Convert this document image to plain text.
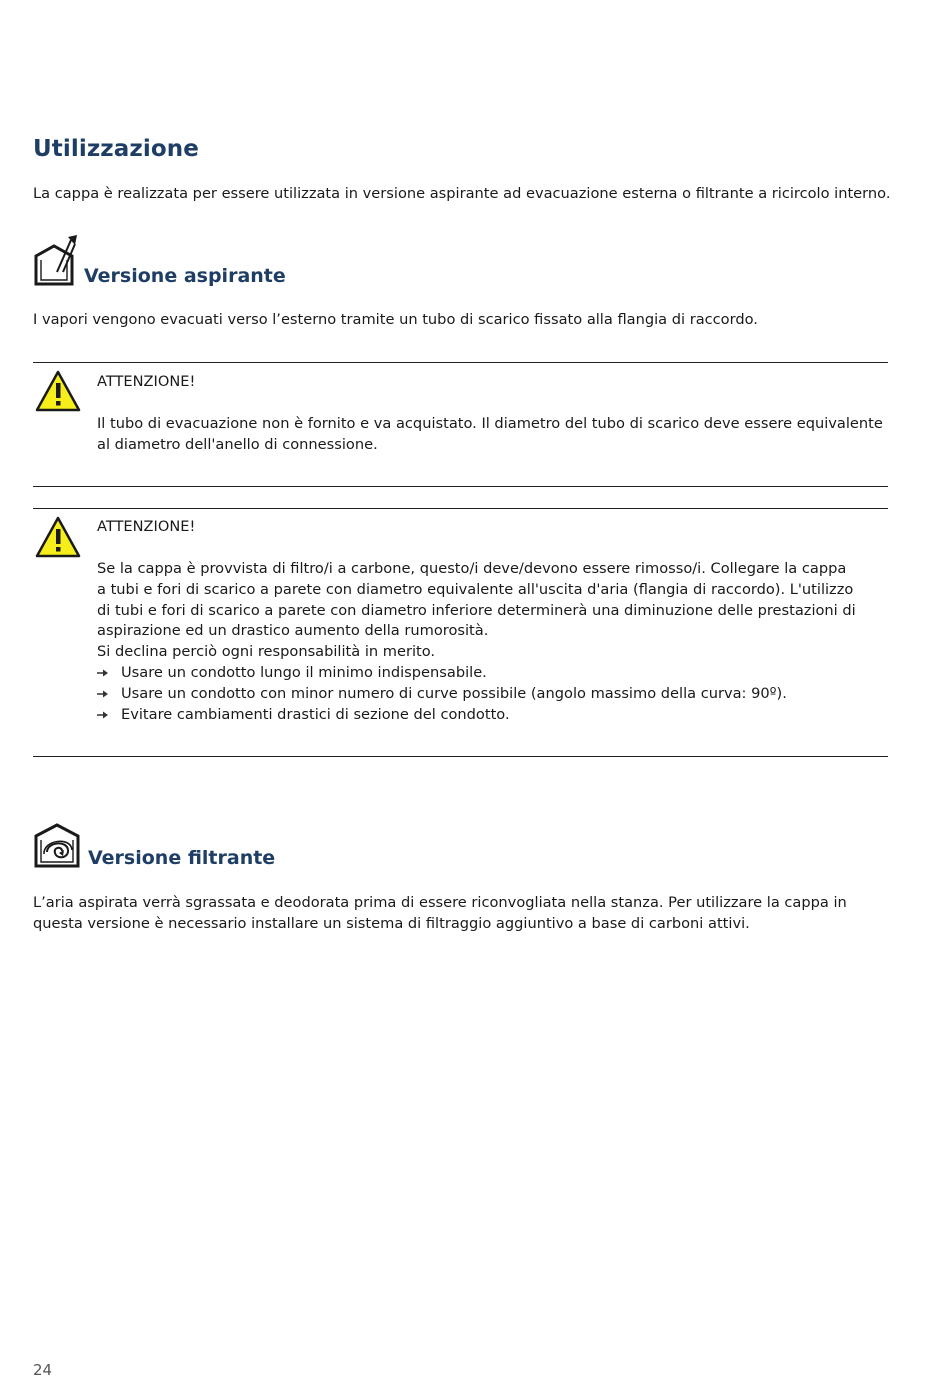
Utilizzazione
La cappa è realizzata per essere utilizzata in versione aspirante ad evacuazione esterna o filtrante a ricircolo interno.
Versione aspirante
I vapori vengono evacuati verso l’esterno tramite un tubo di scarico fissato alla flangia di raccordo.
ATTENZIONE!
Il tubo di evacuazione non è fornito e va acquistato. Il diametro del tubo di scarico deve essere equivalente
al diametro dell'anello di connessione.
ATTENZIONE!
Se la cappa è provvista di filtro/i a carbone, questo/i deve/devono essere rimosso/i. Collegare la cappa
a tubi e fori di scarico a parete con diametro equivalente all'uscita d'aria (flangia di raccordo). L'utilizzo
di tubi e fori di scarico a parete con diametro inferiore determinerà una diminuzione delle prestazioni di
aspirazione ed un drastico aumento della rumorosità.
Si declina perciò ogni responsabilità in merito.
Usare un condotto lungo il minimo indispensabile.
Usare un condotto con minor numero di curve possibile (angolo massimo della curva: 90º).
Evitare cambiamenti drastici di sezione del condotto.
Versione filtrante
L’aria aspirata verrà sgrassata e deodorata prima di essere riconvogliata nella stanza. Per utilizzare la cappa in
questa versione è necessario installare un sistema di filtraggio aggiuntivo a base di carboni attivi.
24
